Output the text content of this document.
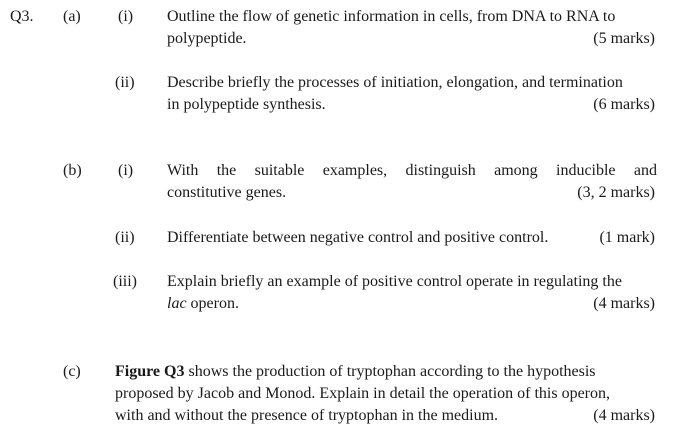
Q3. (a) (i) Outline the flow of genetic information in cells, from DNA to RNA to
polypeptide.	(5 marks)
(ii) Describe briefly the processes of initiation, elongation, and termination
in polypeptide synthesis.	(6 marks)
(b) (i) With the suitable examples, distinguish among inducible and
constitutive genes.	(3, 2 marks)
(ii) Differentiate between negative control and positive control.	(1 mark)
(iii) Explain briefly an example of positive control operate in regulating the
lac operon.	(4 marks)
(c) Figure Q3 shows the production of tryptophan according to the hypothesis
proposed by Jacob and Monod. Explain in detail the operation of this operon,
with and without the presence of tryptophan in the medium.	(4 marks)
